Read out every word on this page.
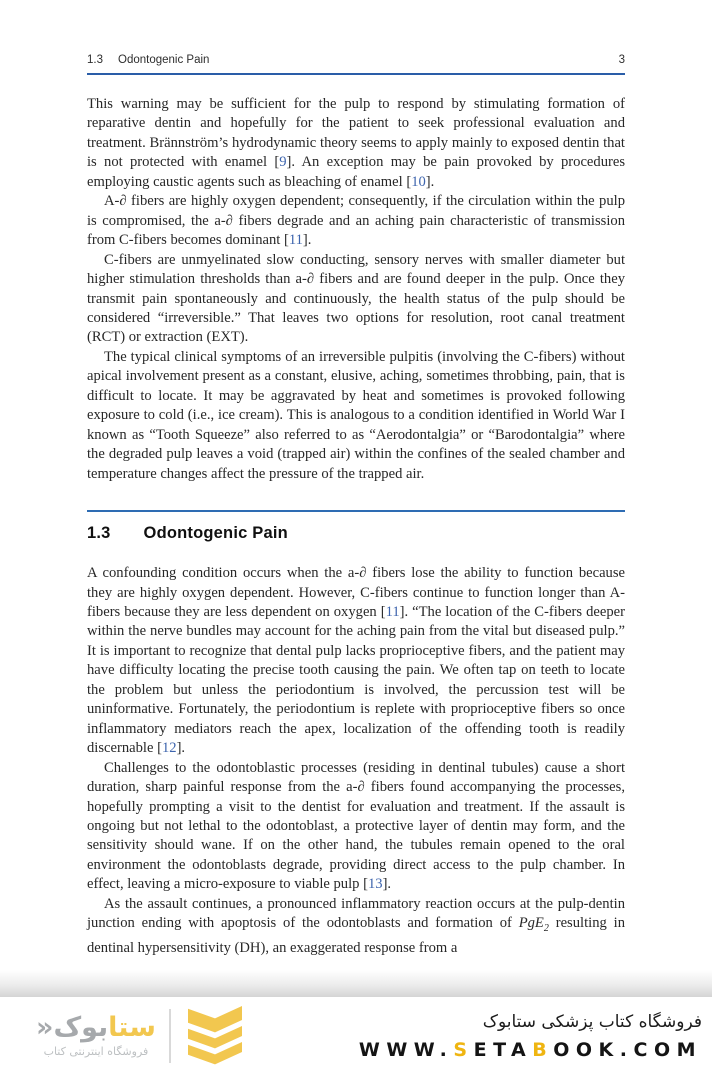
1.3 Odontogenic Pain	3

This warning may be sufficient for the pulp to respond by stimulating formation of reparative dentin and hopefully for the patient to seek professional evaluation and treatment. Brännström’s hydrodynamic theory seems to apply mainly to exposed dentin that is not protected with enamel [9]. An exception may be pain provoked by procedures employing caustic agents such as bleaching of enamel [10].

A-∂ fibers are highly oxygen dependent; consequently, if the circulation within the pulp is compromised, the a-∂ fibers degrade and an aching pain characteristic of transmission from C-fibers becomes dominant [11].

C-fibers are unmyelinated slow conducting, sensory nerves with smaller diameter but higher stimulation thresholds than a-∂ fibers and are found deeper in the pulp. Once they transmit pain spontaneously and continuously, the health status of the pulp should be considered “irreversible.” That leaves two options for resolution, root canal treatment (RCT) or extraction (EXT).

The typical clinical symptoms of an irreversible pulpitis (involving the C-fibers) without apical involvement present as a constant, elusive, aching, sometimes throbbing, pain, that is difficult to locate. It may be aggravated by heat and sometimes is provoked following exposure to cold (i.e., ice cream). This is analogous to a condition identified in World War I known as “Tooth Squeeze” also referred to as “Aerodontalgia” or “Barodontalgia” where the degraded pulp leaves a void (trapped air) within the confines of the sealed chamber and temperature changes affect the pressure of the trapped air.

1.3 Odontogenic Pain

A confounding condition occurs when the a-∂ fibers lose the ability to function because they are highly oxygen dependent. However, C-fibers continue to function longer than A-fibers because they are less dependent on oxygen [11]. “The location of the C-fibers deeper within the nerve bundles may account for the aching pain from the vital but diseased pulp.” It is important to recognize that dental pulp lacks proprioceptive fibers, and the patient may have difficulty locating the precise tooth causing the pain. We often tap on teeth to locate the problem but unless the periodontium is involved, the percussion test will be uninformative. Fortunately, the periodontium is replete with proprioceptive fibers so once inflammatory mediators reach the apex, localization of the offending tooth is readily discernable [12].

Challenges to the odontoblastic processes (residing in dentinal tubules) cause a short duration, sharp painful response from the a-∂ fibers found accompanying the processes, hopefully prompting a visit to the dentist for evaluation and treatment. If the assault is ongoing but not lethal to the odontoblast, a protective layer of dentin may form, and the sensitivity should wane. If on the other hand, the tubules remain opened to the oral environment the odontoblasts degrade, providing direct access to the pulp chamber. In effect, leaving a micro-exposure to viable pulp [13].

As the assault continues, a pronounced inflammatory reaction occurs at the pulp-dentin junction ending with apoptosis of the odontoblasts and formation of PgE$_2$ resulting in dentinal hypersensitivity (DH), an exaggerated response from a

ستابوک«
فروشگاه اینترنتی کتاب
فروشگاه کتاب پزشکی ستابوک
WWW.SETABOOK.COM
